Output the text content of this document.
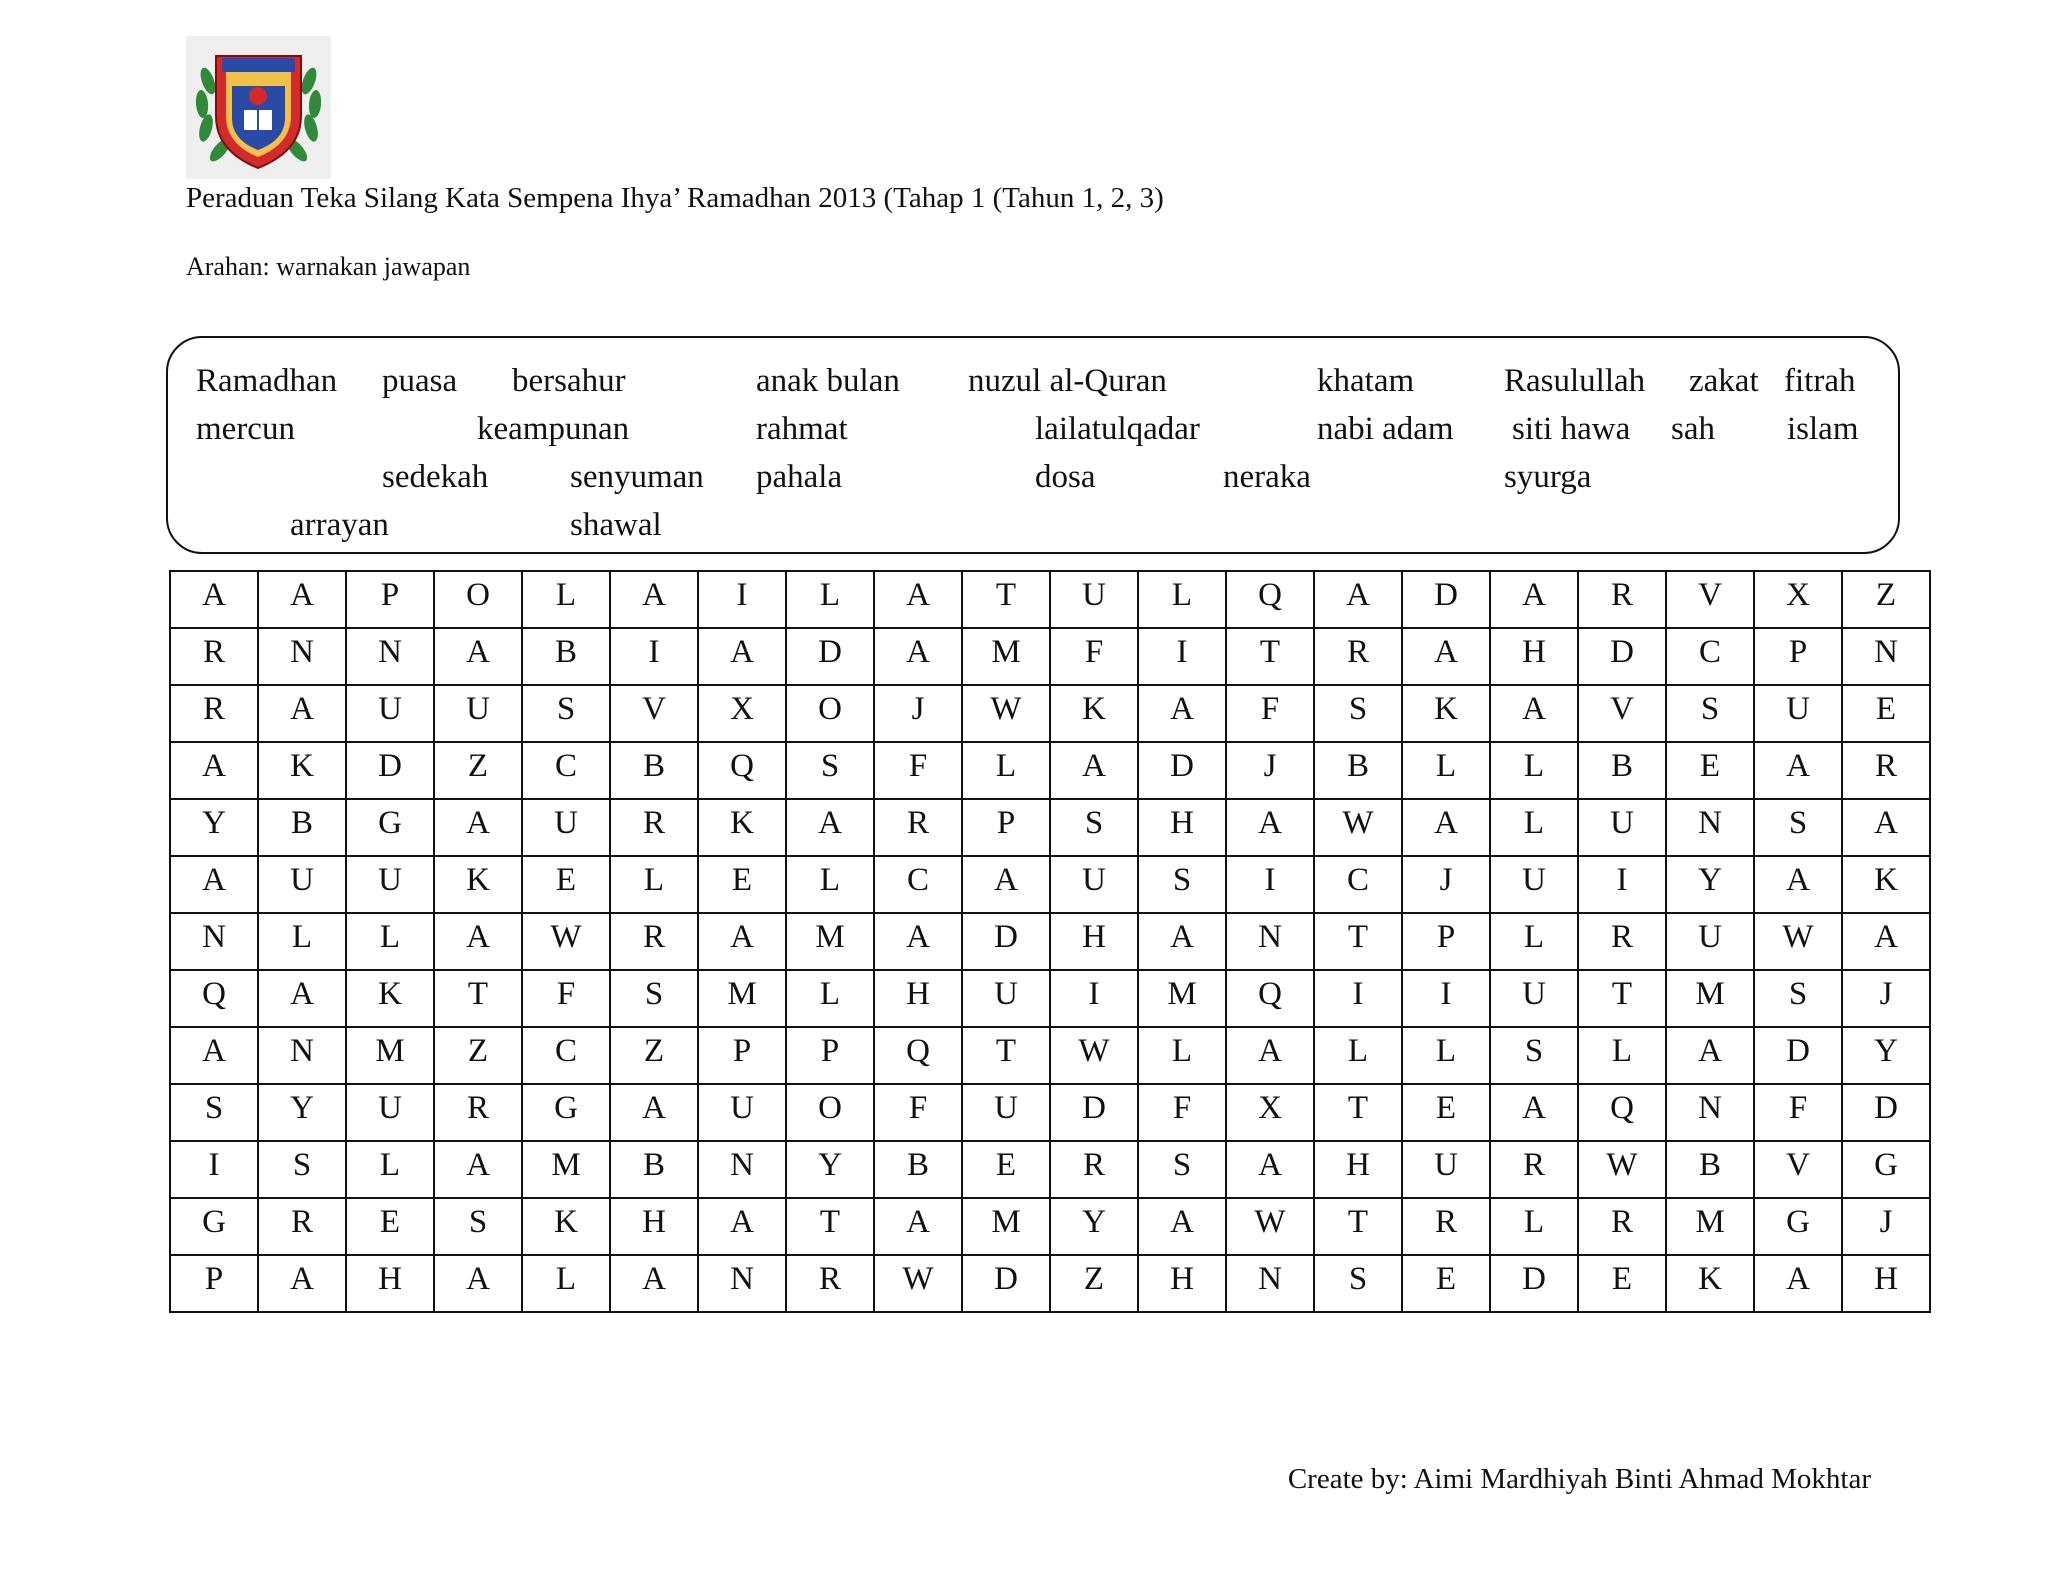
Peraduan Teka Silang Kata Sempena Ihya’ Ramadhan 2013 (Tahap 1 (Tahun 1, 2, 3)
Arahan: warnakan jawapan
Ramadhan puasa bersahur	anak bulan nuzul al-Quran	khatam	Rasulullah zakat fitrah
mercun	keampunan	rahmat	lailatulqadar	nabi adam siti hawa sah islam
sedekah senyuman pahala	dosa	neraka	syurga
arrayan	shawal
A	A	P	O	L	A	I	L	A	T	U	L	Q	A	D	A	R	V	X	Z
R	N	N	A	B	I	A	D	A	M	F	I	T	R	A	H	D	C	P	N
R	A	U	U	S	V	X	O	J	W	K	A	F	S	K	A	V	S	U	E
A	K	D	Z	C	B	Q	S	F	L	A	D	J	B	L	L	B	E	A	R
Y	B	G	A	U	R	K	A	R	P	S	H	A	W	A	L	U	N	S	A
A	U	U	K	E	L	E	L	C	A	U	S	I	C	J	U	I	Y	A	K
N	L	L	A	W	R	A	M	A	D	H	A	N	T	P	L	R	U	W	A
Q	A	K	T	F	S	M	L	H	U	I	M	Q	I	I	U	T	M	S	J
A	N	M	Z	C	Z	P	P	Q	T	W	L	A	L	L	S	L	A	D	Y
S	Y	U	R	G	A	U	O	F	U	D	F	X	T	E	A	Q	N	F	D
I	S	L	A	M	B	N	Y	B	E	R	S	A	H	U	R	W	B	V	G
G	R	E	S	K	H	A	T	A	M	Y	A	W	T	R	L	R	M	G	J
P	A	H	A	L	A	N	R	W	D	Z	H	N	S	E	D	E	K	A	H
Create by: Aimi Mardhiyah Binti Ahmad Mokhtar
